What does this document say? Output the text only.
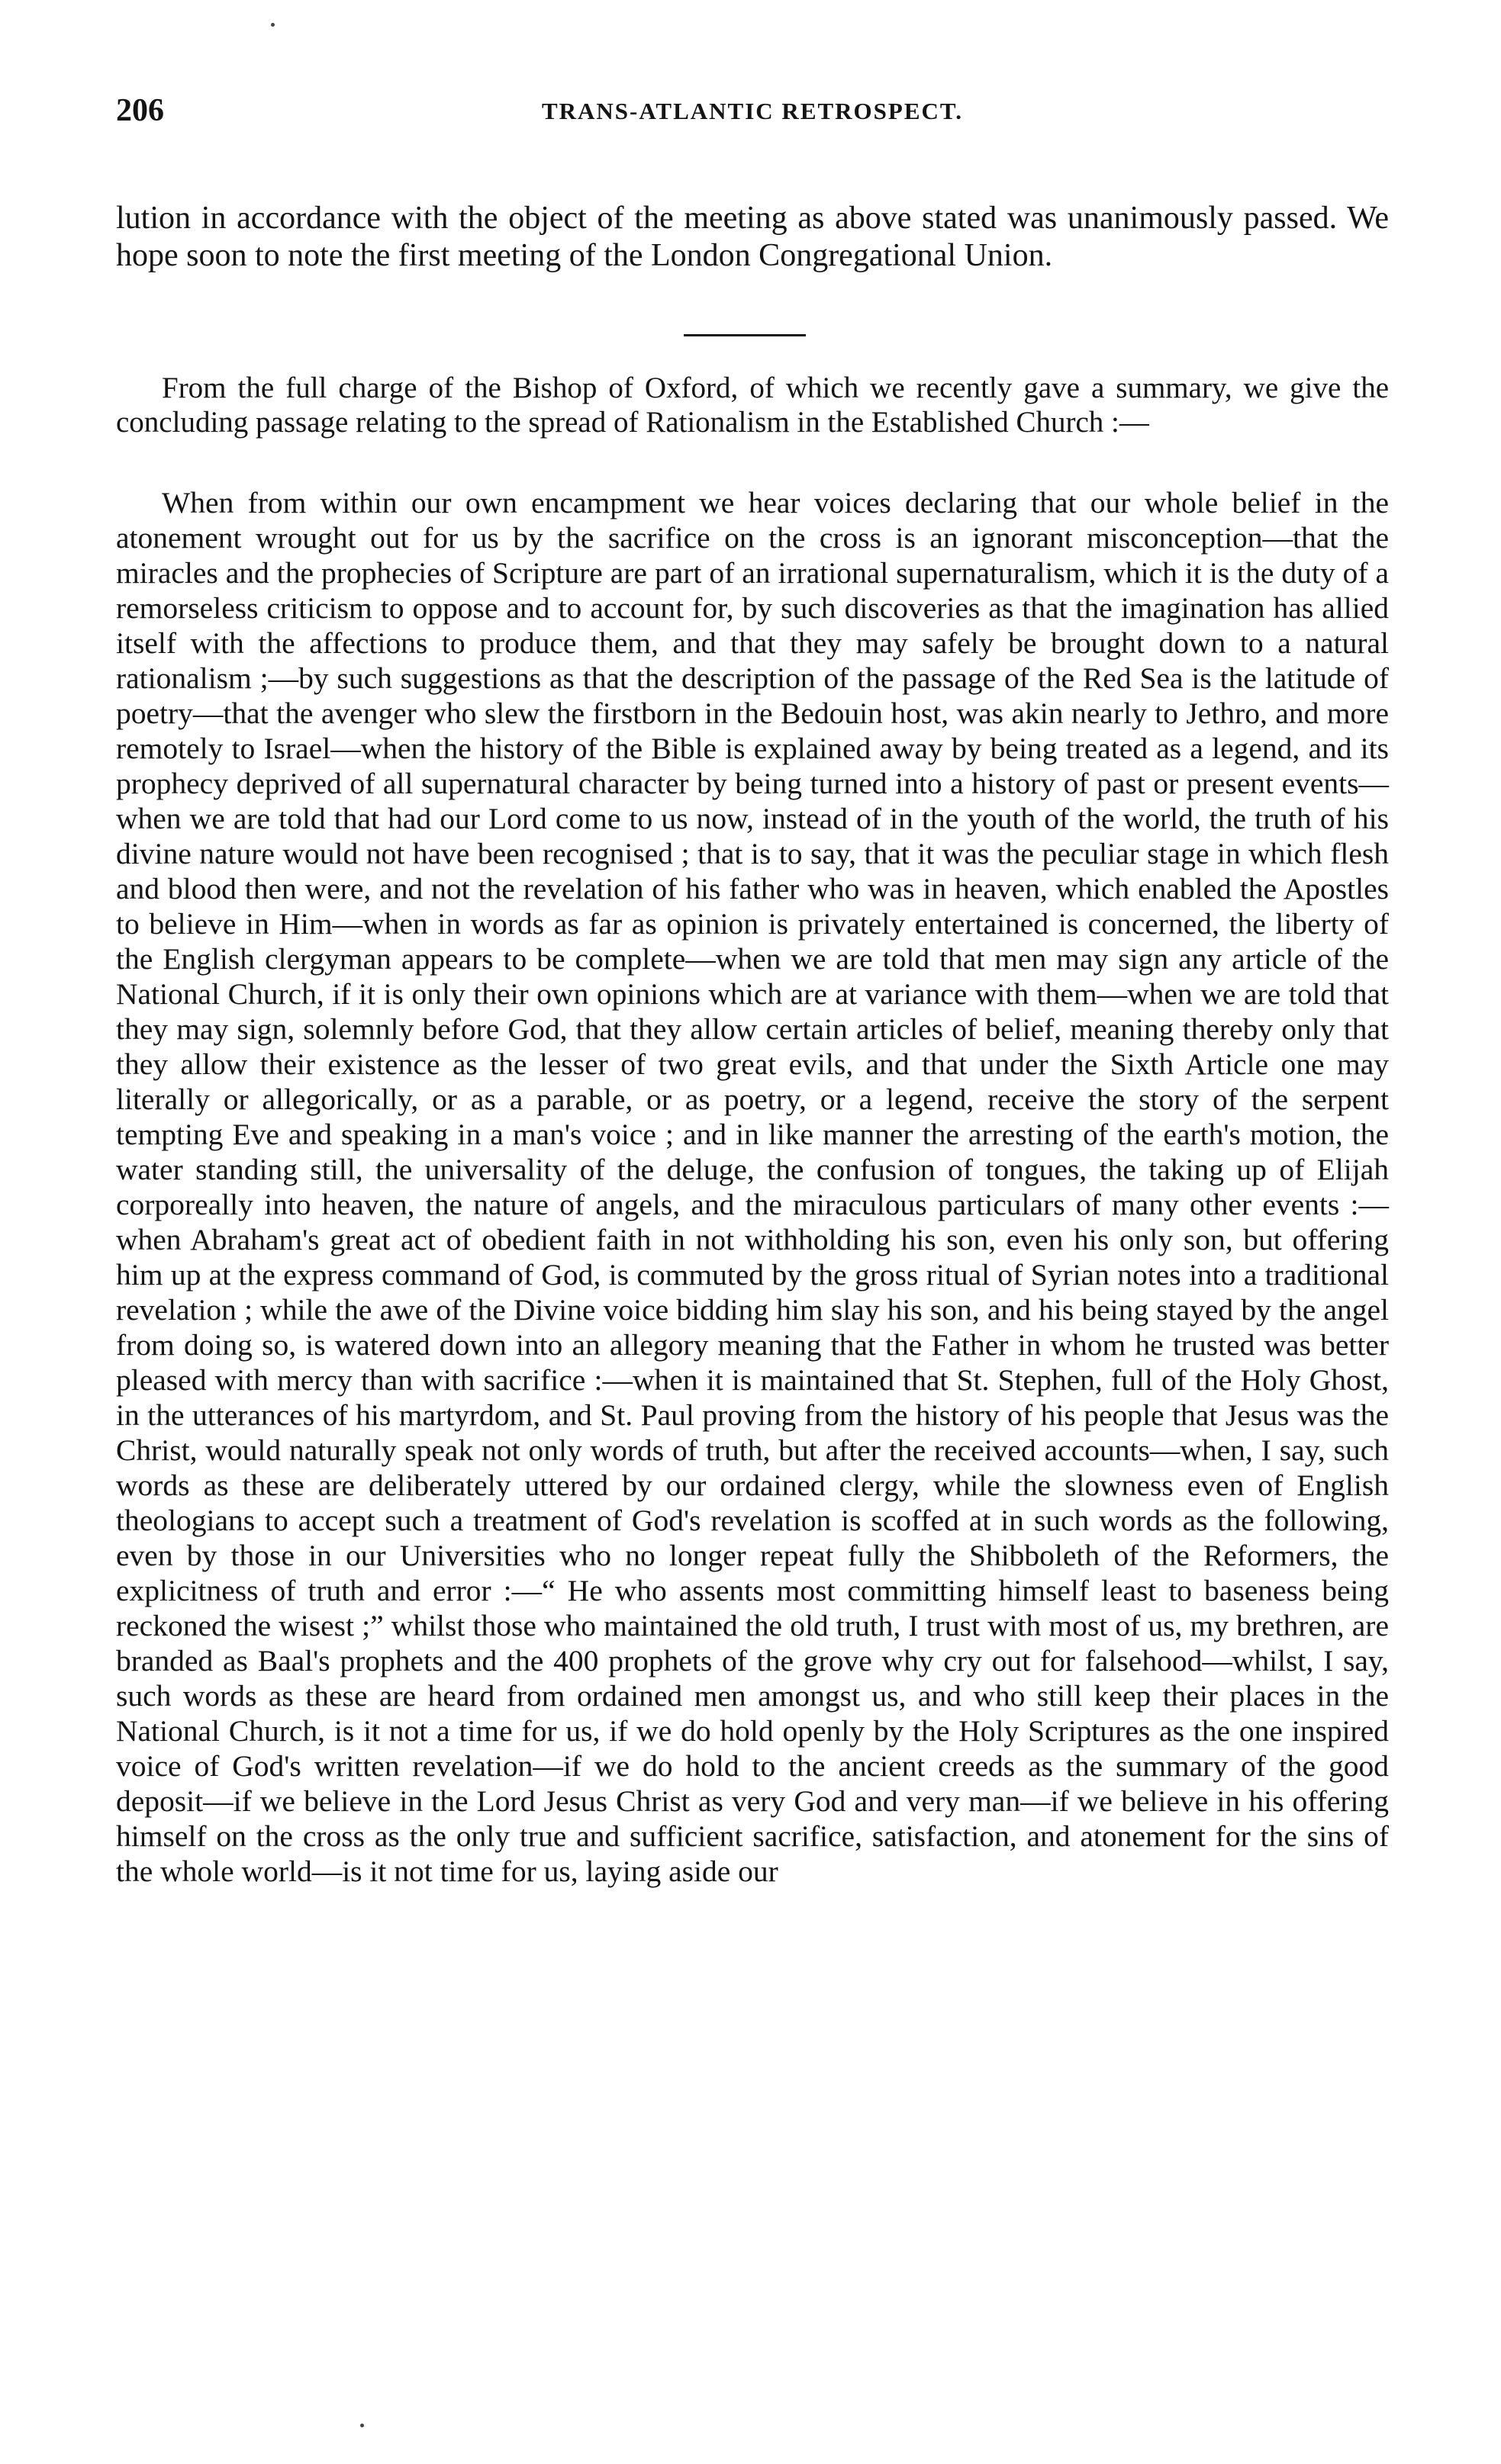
206	TRANS-ATLANTIC RETROSPECT.

lution in accordance with the object of the meeting as above stated was unanimously passed. We hope soon to note the first meeting of the London Congregational Union.

From the full charge of the Bishop of Oxford, of which we recently gave a summary, we give the concluding passage relating to the spread of Rationalism in the Established Church :—

When from within our own encampment we hear voices declaring that our whole belief in the atonement wrought out for us by the sacrifice on the cross is an ignorant misconception—that the miracles and the prophecies of Scripture are part of an irrational supernaturalism, which it is the duty of a remorseless criticism to oppose and to account for, by such discoveries as that the imagination has allied itself with the affections to produce them, and that they may safely be brought down to a natural rationalism ;—by such suggestions as that the description of the passage of the Red Sea is the latitude of poetry—that the avenger who slew the firstborn in the Bedouin host, was akin nearly to Jethro, and more remotely to Israel—when the history of the Bible is explained away by being treated as a legend, and its prophecy deprived of all supernatural character by being turned into a history of past or present events—when we are told that had our Lord come to us now, instead of in the youth of the world, the truth of his divine nature would not have been recognised ; that is to say, that it was the peculiar stage in which flesh and blood then were, and not the revelation of his father who was in heaven, which enabled the Apostles to believe in Him—when in words as far as opinion is privately entertained is concerned, the liberty of the English clergyman appears to be complete—when we are told that men may sign any article of the National Church, if it is only their own opinions which are at variance with them—when we are told that they may sign, solemnly before God, that they allow certain articles of belief, meaning thereby only that they allow their existence as the lesser of two great evils, and that under the Sixth Article one may literally or allegorically, or as a parable, or as poetry, or a legend, receive the story of the serpent tempting Eve and speaking in a man's voice ; and in like manner the arresting of the earth's motion, the water standing still, the universality of the deluge, the confusion of tongues, the taking up of Elijah corporeally into heaven, the nature of angels, and the miraculous particulars of many other events :—when Abraham's great act of obedient faith in not withholding his son, even his only son, but offering him up at the express command of God, is commuted by the gross ritual of Syrian notes into a traditional revelation ; while the awe of the Divine voice bidding him slay his son, and his being stayed by the angel from doing so, is watered down into an allegory meaning that the Father in whom he trusted was better pleased with mercy than with sacrifice :—when it is maintained that St. Stephen, full of the Holy Ghost, in the utterances of his martyrdom, and St. Paul proving from the history of his people that Jesus was the Christ, would naturally speak not only words of truth, but after the received accounts—when, I say, such words as these are deliberately uttered by our ordained clergy, while the slowness even of English theologians to accept such a treatment of God's revelation is scoffed at in such words as the following, even by those in our Universities who no longer repeat fully the Shibboleth of the Reformers, the explicitness of truth and error :—“ He who assents most committing himself least to baseness being reckoned the wisest ;” whilst those who maintained the old truth, I trust with most of us, my brethren, are branded as Baal's prophets and the 400 prophets of the grove why cry out for falsehood—whilst, I say, such words as these are heard from ordained men amongst us, and who still keep their places in the National Church, is it not a time for us, if we do hold openly by the Holy Scriptures as the one inspired voice of God's written revelation—if we do hold to the ancient creeds as the summary of the good deposit—if we believe in the Lord Jesus Christ as very God and very man—if we believe in his offering himself on the cross as the only true and sufficient sacrifice, satisfaction, and atonement for the sins of the whole world—is it not time for us, laying aside our
